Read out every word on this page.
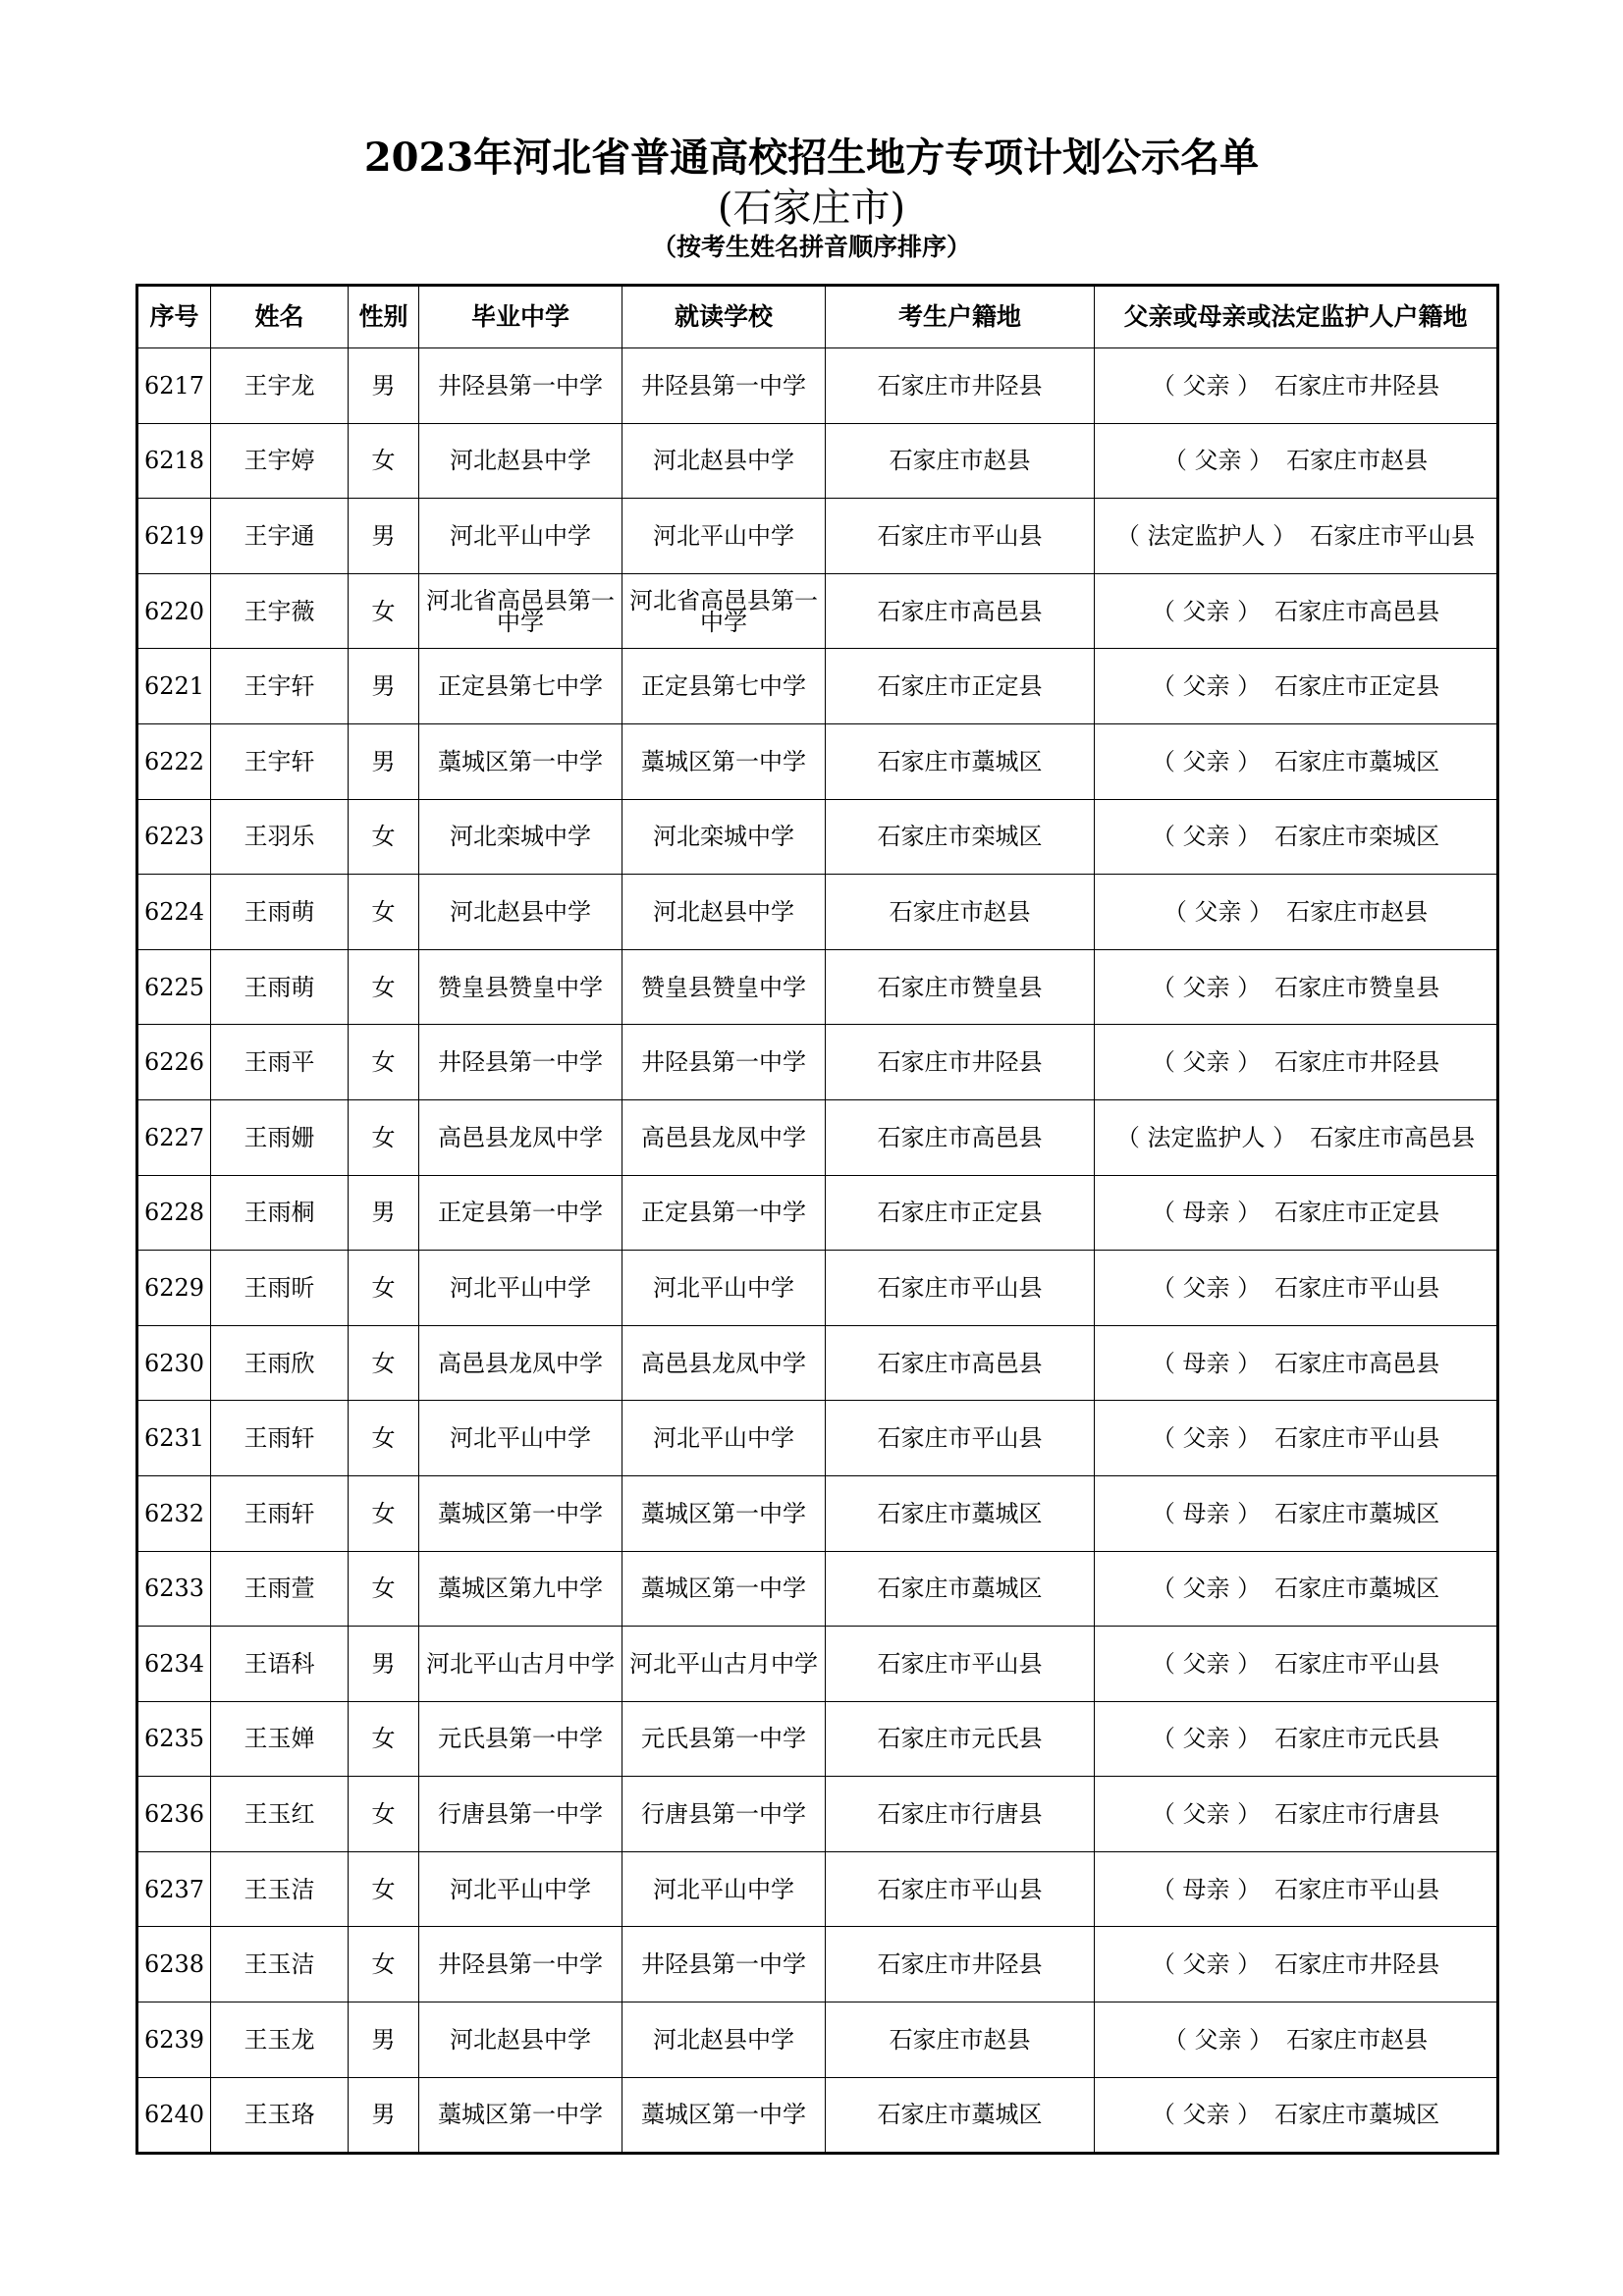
2023年河北省普通高校招生地方专项计划公示名单
(石家庄市)
（按考生姓名拼音顺序排序）
序号	姓名	性别	毕业中学	就读学校	考生户籍地	父亲或母亲或法定监护人户籍地
6217	王宇龙	男	井陉县第一中学	井陉县第一中学	石家庄市井陉县	（ 父亲 ） 石家庄市井陉县
6218	王宇婷	女	河北赵县中学	河北赵县中学	石家庄市赵县	（ 父亲 ） 石家庄市赵县
6219	王宇通	男	河北平山中学	河北平山中学	石家庄市平山县	（ 法定监护人 ） 石家庄市平山县
6220	王宇薇	女	河北省高邑县第一中学	河北省高邑县第一中学	石家庄市高邑县	（ 父亲 ） 石家庄市高邑县
6221	王宇轩	男	正定县第七中学	正定县第七中学	石家庄市正定县	（ 父亲 ） 石家庄市正定县
6222	王宇轩	男	藁城区第一中学	藁城区第一中学	石家庄市藁城区	（ 父亲 ） 石家庄市藁城区
6223	王羽乐	女	河北栾城中学	河北栾城中学	石家庄市栾城区	（ 父亲 ） 石家庄市栾城区
6224	王雨萌	女	河北赵县中学	河北赵县中学	石家庄市赵县	（ 父亲 ） 石家庄市赵县
6225	王雨萌	女	赞皇县赞皇中学	赞皇县赞皇中学	石家庄市赞皇县	（ 父亲 ） 石家庄市赞皇县
6226	王雨平	女	井陉县第一中学	井陉县第一中学	石家庄市井陉县	（ 父亲 ） 石家庄市井陉县
6227	王雨姗	女	高邑县龙凤中学	高邑县龙凤中学	石家庄市高邑县	（ 法定监护人 ） 石家庄市高邑县
6228	王雨桐	男	正定县第一中学	正定县第一中学	石家庄市正定县	（ 母亲 ） 石家庄市正定县
6229	王雨昕	女	河北平山中学	河北平山中学	石家庄市平山县	（ 父亲 ） 石家庄市平山县
6230	王雨欣	女	高邑县龙凤中学	高邑县龙凤中学	石家庄市高邑县	（ 母亲 ） 石家庄市高邑县
6231	王雨轩	女	河北平山中学	河北平山中学	石家庄市平山县	（ 父亲 ） 石家庄市平山县
6232	王雨轩	女	藁城区第一中学	藁城区第一中学	石家庄市藁城区	（ 母亲 ） 石家庄市藁城区
6233	王雨萱	女	藁城区第九中学	藁城区第一中学	石家庄市藁城区	（ 父亲 ） 石家庄市藁城区
6234	王语科	男	河北平山古月中学	河北平山古月中学	石家庄市平山县	（ 父亲 ） 石家庄市平山县
6235	王玉婵	女	元氏县第一中学	元氏县第一中学	石家庄市元氏县	（ 父亲 ） 石家庄市元氏县
6236	王玉红	女	行唐县第一中学	行唐县第一中学	石家庄市行唐县	（ 父亲 ） 石家庄市行唐县
6237	王玉洁	女	河北平山中学	河北平山中学	石家庄市平山县	（ 母亲 ） 石家庄市平山县
6238	王玉洁	女	井陉县第一中学	井陉县第一中学	石家庄市井陉县	（ 父亲 ） 石家庄市井陉县
6239	王玉龙	男	河北赵县中学	河北赵县中学	石家庄市赵县	（ 父亲 ） 石家庄市赵县
6240	王玉珞	男	藁城区第一中学	藁城区第一中学	石家庄市藁城区	（ 父亲 ） 石家庄市藁城区
